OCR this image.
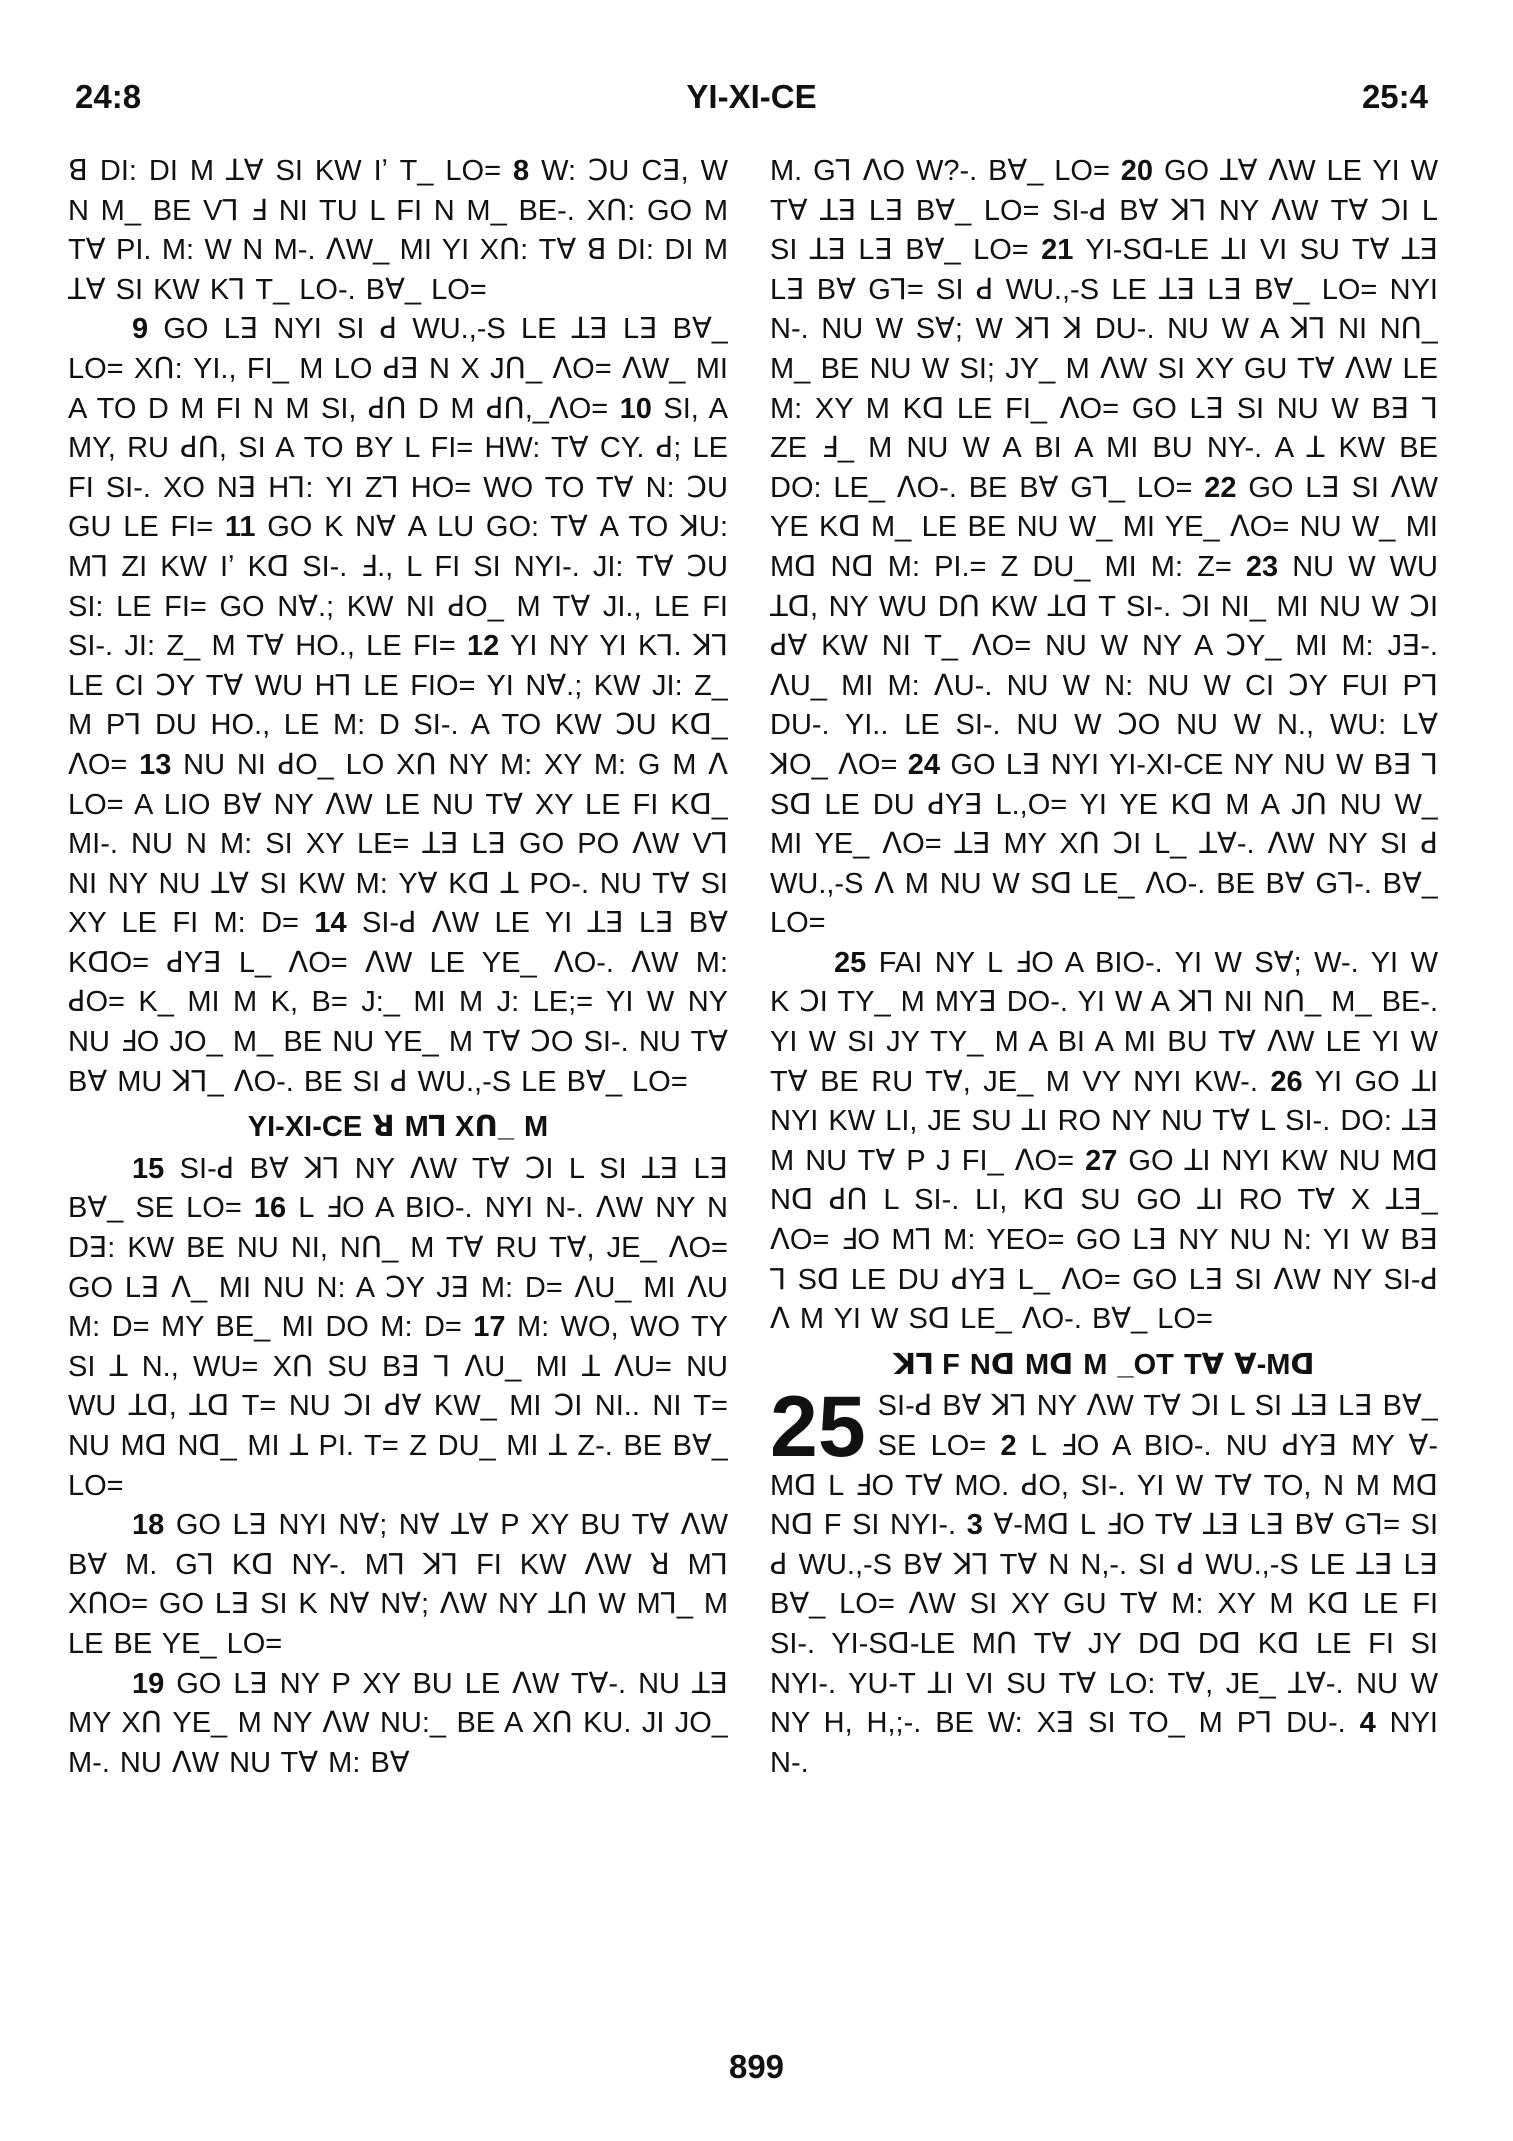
24:8	YI-XI-CE	25:4

ꓭ DI: DI M ꓕꓯ SI KW Iʼ T_ LO= 8 W: ꓛU Cꓱ, W N M_ BE Vꓶ ꓞ NI TU L FI N M_ BE-. Xꓵ: GO M Tꓯ PI. M: W N M-. ꓥW_ MI YI Xꓵ: Tꓯ ꓭ DI: DI M ꓕꓯ SI KW Kꓶ T_ LO-. Bꓯ_ LO=

9 GO Lꓱ NYI SI ꓒ WU.,-S LE ꓕꓱ Lꓱ Bꓯ_ LO= Xꓵ: YI., FI_ M LO ꓒꓱ N X Jꓵ_ ꓥO= ꓥW_ MI A TO D M FI N M SI, ꓒꓵ D M ꓒꓵ,_ꓥO= 10 SI, A MY, RU ꓒꓵ, SI A TO BY L FI= HW: Tꓯ CY. ꓒ; LE FI SI-. XO Nꓱ Hꓶ: YI Zꓶ HO= WO TO Tꓯ N: ꓛU GU LE FI= 11 GO K Nꓯ A LU GO: Tꓯ A TO ꓘU: Mꓶ ZI KW Iʼ Kꓷ SI-. ꓞ., L FI SI NYI-. JI: Tꓯ ꓛU SI: LE FI= GO Nꓯ.; KW NI ꓒO_ M Tꓯ JI., LE FI SI-. JI: Z_ M Tꓯ HO., LE FI= 12 YI NY YI Kꓶ. ꓘꓶ LE CI ꓛY Tꓯ WU Hꓶ LE FIO= YI Nꓯ.; KW JI: Z_ M Pꓶ DU HO., LE M: D SI-. A TO KW ꓛU Kꓷ_ ꓥO= 13 NU NI ꓒO_ LO Xꓵ NY M: XY M: G M ꓥ LO= A LIO Bꓯ NY ꓥW LE NU Tꓯ XY LE FI Kꓷ_ MI-. NU N M: SI XY LE= ꓕꓱ Lꓱ GO PO ꓥW Vꓶ NI NY NU ꓕꓯ SI KW M: Yꓯ Kꓷ ꓕ PO-. NU Tꓯ SI XY LE FI M: D= 14 SI-ꓒ ꓥW LE YI ꓕꓱ Lꓱ Bꓯ KꓷO= ꓒYꓱ L_ ꓥO= ꓥW LE YE_ ꓥO-. ꓥW M: ꓒO= K_ MI M K, B= J:_ MI M J: LE;= YI W NY NU ꓞO JO_ M_ BE NU YE_ M Tꓯ ꓛO SI-. NU Tꓯ Bꓯ MU ꓘꓶ_ ꓥO-. BE SI ꓒ WU.,-S LE Bꓯ_ LO=

YI-XI-CE ꓤ Mꓶ Xꓵ_ M

15 SI-ꓒ Bꓯ ꓘꓶ NY ꓥW Tꓯ ꓛI L SI ꓕꓱ Lꓱ Bꓯ_ SE LO= 16 L ꓞO A BIO-. NYI N-. ꓥW NY N Dꓱ: KW BE NU NI, Nꓵ_ M Tꓯ RU Tꓯ, JE_ ꓥO= GO Lꓱ ꓥ_ MI NU N: A ꓛY Jꓱ M: D= ꓥU_ MI ꓥU M: D= MY BE_ MI DO M: D= 17 M: WO, WO TY SI ꓕ N., WU= Xꓵ SU Bꓱ ꓶ ꓥU_ MI ꓕ ꓥU= NU WU ꓕꓷ, ꓕꓷ T= NU ꓛI ꓒꓯ KW_ MI ꓛI NI.. NI T= NU Mꓷ Nꓷ_ MI ꓕ PI. T= Z DU_ MI ꓕ Z-. BE Bꓯ_ LO=

18 GO Lꓱ NYI Nꓯ; Nꓯ ꓕꓯ P XY BU Tꓯ ꓥW Bꓯ M. Gꓶ Kꓷ NY-. Mꓶ ꓘꓶ FI KW ꓥW ꓤ Mꓶ XꓵO= GO Lꓱ SI K Nꓯ Nꓯ; ꓥW NY ꓕꓵ W Mꓶ_ M LE BE YE_ LO=

19 GO Lꓱ NY P XY BU LE ꓥW Tꓯ-. NU ꓕꓱ MY Xꓵ YE_ M NY ꓥW NU:_ BE A Xꓵ KU. JI JO_ M-. NU ꓥW NU Tꓯ M: Bꓯ

M. Gꓶ ꓥO W?-. Bꓯ_ LO= 20 GO ꓕꓯ ꓥW LE YI W Tꓯ ꓕꓱ Lꓱ Bꓯ_ LO= SI-ꓒ Bꓯ ꓘꓶ NY ꓥW Tꓯ ꓛI L SI ꓕꓱ Lꓱ Bꓯ_ LO= 21 YI-Sꓷ-LE ꓕI VI SU Tꓯ ꓕꓱ Lꓱ Bꓯ Gꓶ= SI ꓒ WU.,-S LE ꓕꓱ Lꓱ Bꓯ_ LO= NYI N-. NU W Sꓯ; W ꓘꓶ ꓘ DU-. NU W A ꓘꓶ NI Nꓵ_ M_ BE NU W SI; JY_ M ꓥW SI XY GU Tꓯ ꓥW LE M: XY M Kꓷ LE FI_ ꓥO= GO Lꓱ SI NU W Bꓱ ꓶ ZE ꓞ_ M NU W A BI A MI BU NY-. A ꓕ KW BE DO: LE_ ꓥO-. BE Bꓯ Gꓶ_ LO= 22 GO Lꓱ SI ꓥW YE Kꓷ M_ LE BE NU W_ MI YE_ ꓥO= NU W_ MI Mꓷ Nꓷ M: PI.= Z DU_ MI M: Z= 23 NU W WU ꓕꓷ, NY WU Dꓵ KW ꓕꓷ T SI-. ꓛI NI_ MI NU W ꓛI ꓒꓯ KW NI T_ ꓥO= NU W NY A ꓛY_ MI M: Jꓱ-. ꓥU_ MI M: ꓥU-. NU W N: NU W CI ꓛY FUI Pꓶ DU-. YI.. LE SI-. NU W ꓛO NU W N., WU: Lꓯ ꓘO_ ꓥO= 24 GO Lꓱ NYI YI-XI-CE NY NU W Bꓱ ꓶ Sꓷ LE DU ꓒYꓱ L.,O= YI YE Kꓷ M A Jꓵ NU W_ MI YE_ ꓥO= ꓕꓱ MY Xꓵ ꓛI L_ ꓕꓯ-. ꓥW NY SI ꓒ WU.,-S ꓥ M NU W Sꓷ LE_ ꓥO-. BE Bꓯ Gꓶ-. Bꓯ_ LO=

25 FAI NY L ꓞO A BIO-. YI W Sꓯ; W-. YI W K ꓛI TY_ M MYꓱ DO-. YI W A ꓘꓶ NI Nꓵ_ M_ BE-. YI W SI JY TY_ M A BI A MI BU Tꓯ ꓥW LE YI W Tꓯ BE RU Tꓯ, JE_ M VY NYI KW-. 26 YI GO ꓕI NYI KW LI, JE SU ꓕI RO NY NU Tꓯ L SI-. DO: ꓕꓱ M NU Tꓯ P J FI_ ꓥO= 27 GO ꓕI NYI KW NU Mꓷ Nꓷ ꓒꓵ L SI-. LI, Kꓷ SU GO ꓕI RO Tꓯ X ꓕꓱ_ ꓥO= ꓞO Mꓶ M: YEO= GO Lꓱ NY NU N: YI W Bꓱ ꓶ Sꓷ LE DU ꓒYꓱ L_ ꓥO= GO Lꓱ SI ꓥW NY SI-ꓒ ꓥ M YI W Sꓷ LE_ ꓥO-. Bꓯ_ LO=

ꓘꓶ F Nꓷ Mꓷ M _OT Tꓯ ꓯ-Mꓷ

25 SI-ꓒ Bꓯ ꓘꓶ NY ꓥW Tꓯ ꓛI L SI ꓕꓱ Lꓱ Bꓯ_ SE LO= 2 L ꓞO A BIO-. NU ꓒYꓱ MY ꓯ-Mꓷ L ꓞO Tꓯ MO. ꓒO, SI-. YI W Tꓯ TO, N M Mꓷ Nꓷ F SI NYI-. 3 ꓯ-Mꓷ L ꓞO Tꓯ ꓕꓱ Lꓱ Bꓯ Gꓶ= SI ꓒ WU.,-S Bꓯ ꓘꓶ Tꓯ N N,-. SI ꓒ WU.,-S LE ꓕꓱ Lꓱ Bꓯ_ LO= ꓥW SI XY GU Tꓯ M: XY M Kꓷ LE FI SI-. YI-Sꓷ-LE Mꓵ Tꓯ JY Dꓷ Dꓷ Kꓷ LE FI SI NYI-. YU-T ꓕI VI SU Tꓯ LO: Tꓯ, JE_ ꓕꓯ-. NU W NY H, H,;-. BE W: Xꓱ SI TO_ M Pꓶ DU-. 4 NYI N-.

899
